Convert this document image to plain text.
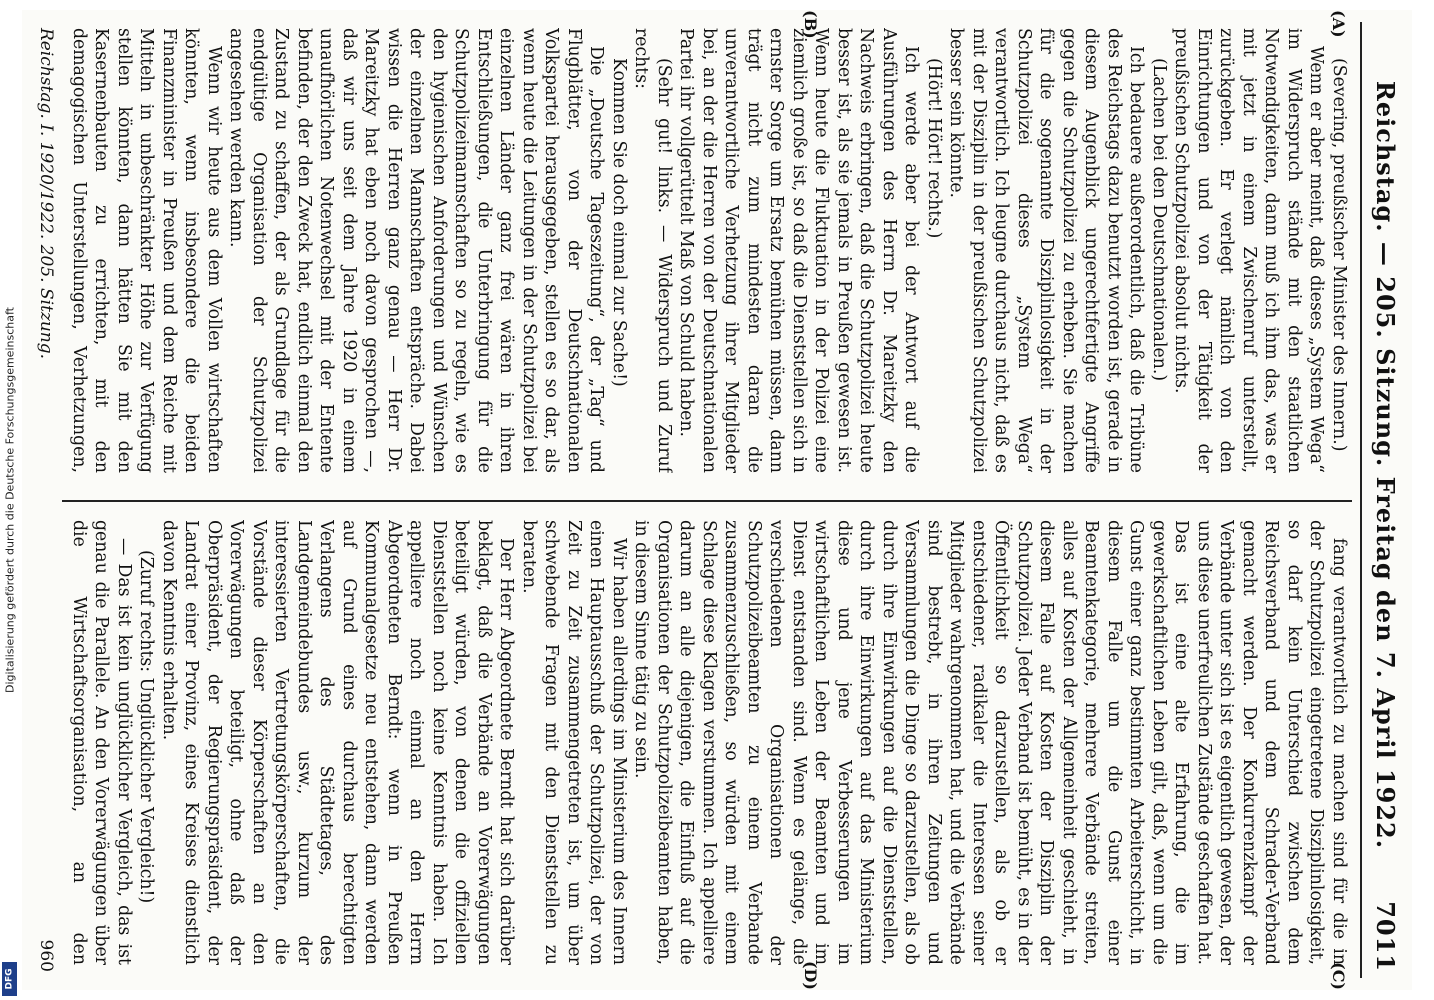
Reichstag. — 205. Sitzung. Freitag den 7. April 1922.
7011
(A)
(B)
(C)
(D)

(Severing, preußischer Minister des Innern.)

Wenn er aber meint, daß dieses „System Wega“ im Widerspruch stände mit den staatlichen Notwendigkeiten, dann muß ich ihm das, was er mit jetzt in einem Zwischenruf unterstellt, zurückgeben. Er verlegt nämlich von den Einrichtungen und von der Tätigkeit der preußischen Schutzpolizei absolut nichts.

(Lachen bei den Deutschnationalen.)

Ich bedauere außerordentlich, daß die Tribüne des Reichstags dazu benutzt worden ist, gerade in diesem Augenblick ungerechtfertigte Angriffe gegen die Schutzpolizei zu erheben. Sie machen für die sogenannte Disziplinlosigkeit in der Schutzpolizei dieses „System Wega“ verantwortlich. Ich leugne durchaus nicht, daß es mit der Disziplin in der preußischen Schutzpolizei besser sein könnte.

(Hört! Hört! rechts.)

Ich werde aber bei der Antwort auf die Ausführungen des Herrn Dr. Mareitzky den Nachweis erbringen, daß die Schutzpolizei heute besser ist, als sie jemals in Preußen gewesen ist. Wenn heute die Fluktuation in der Polizei eine ziemlich große ist, so daß die Dienststellen sich in ernster Sorge um Ersatz bemühen müssen, dann trägt nicht zum mindesten daran die unverantwortliche Verhetzung ihrer Mitglieder bei, an der die Herren von der Deutschnationalen Partei ihr vollgerüttelt Maß von Schuld haben.

(Sehr gut! links. — Widerspruch und Zuruf rechts:

Kommen Sie doch einmal zur Sache!)

Die „Deutsche Tageszeitung“, der „Tag“ und Flugblätter, von der Deutschnationalen Volkspartei herausgegeben, stellen es so dar, als wenn heute die Leitungen in der Schutzpolizei bei einzelnen Länder ganz frei wären in ihren Entschließungen, die Unterbringung für die Schutzpolizeimannschaften so zu regeln, wie es den hygienischen Anforderungen und Wünschen der einzelnen Mannschaften entspräche. Dabei wissen die Herren ganz genau — Herr Dr. Mareitzky hat eben noch davon gesprochen —, daß wir uns seit dem Jahre 1920 in einem unaufhörlichen Notenwechsel mit der Entente befinden, der den Zweck hat, endlich einmal den Zustand zu schaffen, der als Grundlage für die endgültige Organisation der Schutzpolizei angesehen werden kann.

Wenn wir heute aus dem Vollen wirtschaften könnten, wenn insbesondere die beiden Finanzminister in Preußen und dem Reiche mit Mitteln in unbeschränkter Höhe zur Verfügung stellen könnten, dann hätten Sie mit den Kasernenbauten zu errichten, mit den demagogischen Unterstellungen, Verhetzungen,

fang verantwortlich zu machen sind für die in der Schutzpolizei eingetretene Disziplinlosigkeit, so darf kein Unterschied zwischen dem Reichsverband und dem Schrader-Verband gemacht werden. Der Konkurrenzkampf der Verbände unter sich ist es eigentlich gewesen, der uns diese unerfreulichen Zustände geschaffen hat. Das ist eine alte Erfahrung, die im gewerkschaftlichen Leben gilt, daß, wenn um die Gunst einer ganz bestimmten Arbeiterschicht, in diesem Falle um die Gunst einer Beamtenkategorie, mehrere Verbände streiten, alles auf Kosten der Allgemeinheit geschieht, in diesem Falle auf Kosten der Disziplin der Schutzpolizei. Jeder Verband ist bemüht, es in der Öffentlichkeit so darzustellen, als ob er entschiedener, radikaler die Interessen seiner Mitglieder wahrgenommen hat, und die Verbände sind bestrebt, in ihren Zeitungen und Versammlungen die Dinge so darzustellen, als ob durch ihre Einwirkungen auf die Dienststellen, durch ihre Einwirkungen auf das Ministerium diese und jene Verbesserungen im wirtschaftlichen Leben der Beamten und im Dienst entstanden sind. Wenn es gelänge, die verschiedenen Organisationen der Schutzpolizeibeamten zu einem Verbande zusammenzuschließen, so würden mit einem Schlage diese Klagen verstummen. Ich appelliere darum an alle diejenigen, die Einfluß auf die Organisationen der Schutzpolizeibeamten haben, in diesem Sinne tätig zu sein.

Wir haben allerdings im Ministerium des Innern einen Hauptausschuß der Schutzpolizei, der von Zeit zu Zeit zusammengetreten ist, um über schwebende Fragen mit den Dienststellen zu beraten.

Der Herr Abgeordnete Berndt hat sich darüber beklagt, daß die Verbände an Vorerwägungen beteiligt würden, von denen die offiziellen Dienststellen noch keine Kenntnis haben. Ich appelliere noch einmal an den Herrn Abgeordneten Berndt: wenn in Preußen Kommunalgesetze neu entstehen, dann werden auf Grund eines durchaus berechtigten Verlangens des Städtetages, des Landgemeindebundes usw., kurzum der interessierten Vertretungskörperschaften, die Vorstände dieser Körperschaften an den Vorerwägungen beteiligt, ohne daß der Oberpräsident, der Regierungspräsident, der Landrat einer Provinz, eines Kreises dienstlich davon Kenntnis erhalten.

(Zuruf rechts: Unglücklicher Vergleich!)

— Das ist kein unglücklicher Vergleich, das ist genau die Parallele. An den Vorerwägungen über die Wirtschaftsorganisation, an den

Reichstag. I. 1920/1922. 205. Sitzung.
960
Digitalisierung gefördert durch die Deutsche Forschungsgemeinschaft
DFG
